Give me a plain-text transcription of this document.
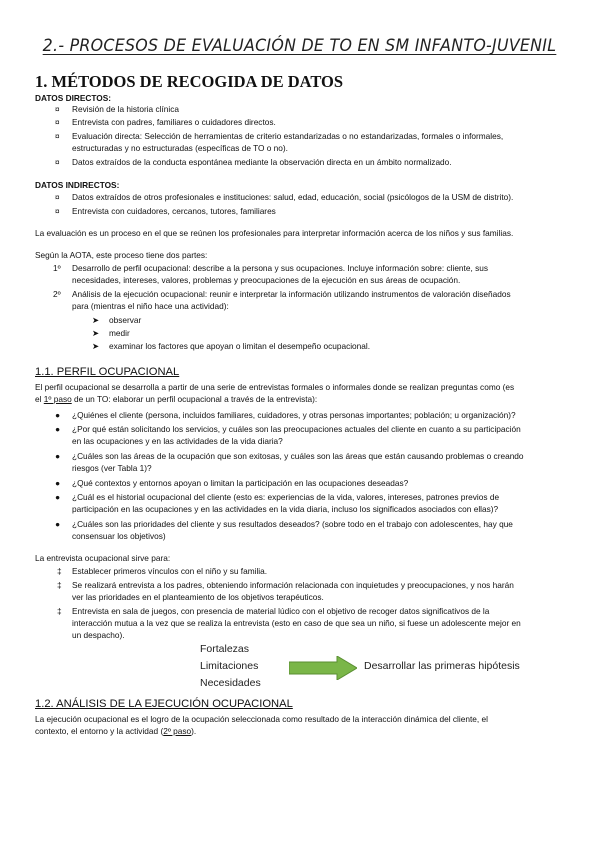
2.- PROCESOS DE EVALUACIÓN DE TO EN SM INFANTO-JUVENIL
1. MÉTODOS DE RECOGIDA DE DATOS
DATOS DIRECTOS:
¤ Revisión de la historia clínica
¤ Entrevista con padres, familiares o cuidadores directos.
¤ Evaluación directa: Selección de herramientas de criterio estandarizadas o no estandarizadas, formales o informales,
estructuradas y no estructuradas (específicas de TO o no).
¤ Datos extraídos de la conducta espontánea mediante la observación directa en un ámbito normalizado.
DATOS INDIRECTOS:
¤ Datos extraídos de otros profesionales e instituciones: salud, edad, educación, social (psicólogos de la USM de distrito).
¤ Entrevista con cuidadores, cercanos, tutores, familiares
La evaluación es un proceso en el que se reúnen los profesionales para interpretar información acerca de los niños y sus familias.
Según la AOTA, este proceso tiene dos partes:
1º Desarrollo de perfil ocupacional: describe a la persona y sus ocupaciones. Incluye información sobre: cliente, sus
necesidades, intereses, valores, problemas y preocupaciones de la ejecución en sus áreas de ocupación.
2º Análisis de la ejecución ocupacional: reunir e interpretar la información utilizando instrumentos de valoración diseñados
para (mientras el niño hace una actividad):
➤ observar
➤ medir
➤ examinar los factores que apoyan o limitan el desempeño ocupacional.
1.1. PERFIL OCUPACIONAL
El perfil ocupacional se desarrolla a partir de una serie de entrevistas formales o informales donde se realizan preguntas como (es
el 1º paso de un TO: elaborar un perfil ocupacional a través de la entrevista):
● ¿Quiénes el cliente (persona, incluidos familiares, cuidadores, y otras personas importantes; población; u organización)?
● ¿Por qué están solicitando los servicios, y cuáles son las preocupaciones actuales del cliente en cuanto a su participación
en las ocupaciones y en las actividades de la vida diaria?
● ¿Cuáles son las áreas de la ocupación que son exitosas, y cuáles son las áreas que están causando problemas o creando
riesgos (ver Tabla 1)?
● ¿Qué contextos y entornos apoyan o limitan la participación en las ocupaciones deseadas?
● ¿Cuál es el historial ocupacional del cliente (esto es: experiencias de la vida, valores, intereses, patrones previos de
participación en las ocupaciones y en las actividades en la vida diaria, incluso los significados asociados con ellas)?
● ¿Cuáles son las prioridades del cliente y sus resultados deseados? (sobre todo en el trabajo con adolescentes, hay que
consensuar los objetivos)
La entrevista ocupacional sirve para:
‡ Establecer primeros vínculos con el niño y su familia.
‡ Se realizará entrevista a los padres, obteniendo información relacionada con inquietudes y preocupaciones, y nos harán
ver las prioridades en el planteamiento de los objetivos terapéuticos.
‡ Entrevista en sala de juegos, con presencia de material lúdico con el objetivo de recoger datos significativos de la
interacción mutua a la vez que se realiza la entrevista (esto en caso de que sea un niño, si fuese un adolescente mejor en
un despacho).
Fortalezas
Limitaciones
Necesidades
Desarrollar las primeras hipótesis
1.2. ANÁLISIS DE LA EJECUCIÓN OCUPACIONAL
La ejecución ocupacional es el logro de la ocupación seleccionada como resultado de la interacción dinámica del cliente, el
contexto, el entorno y la actividad (2º paso).
